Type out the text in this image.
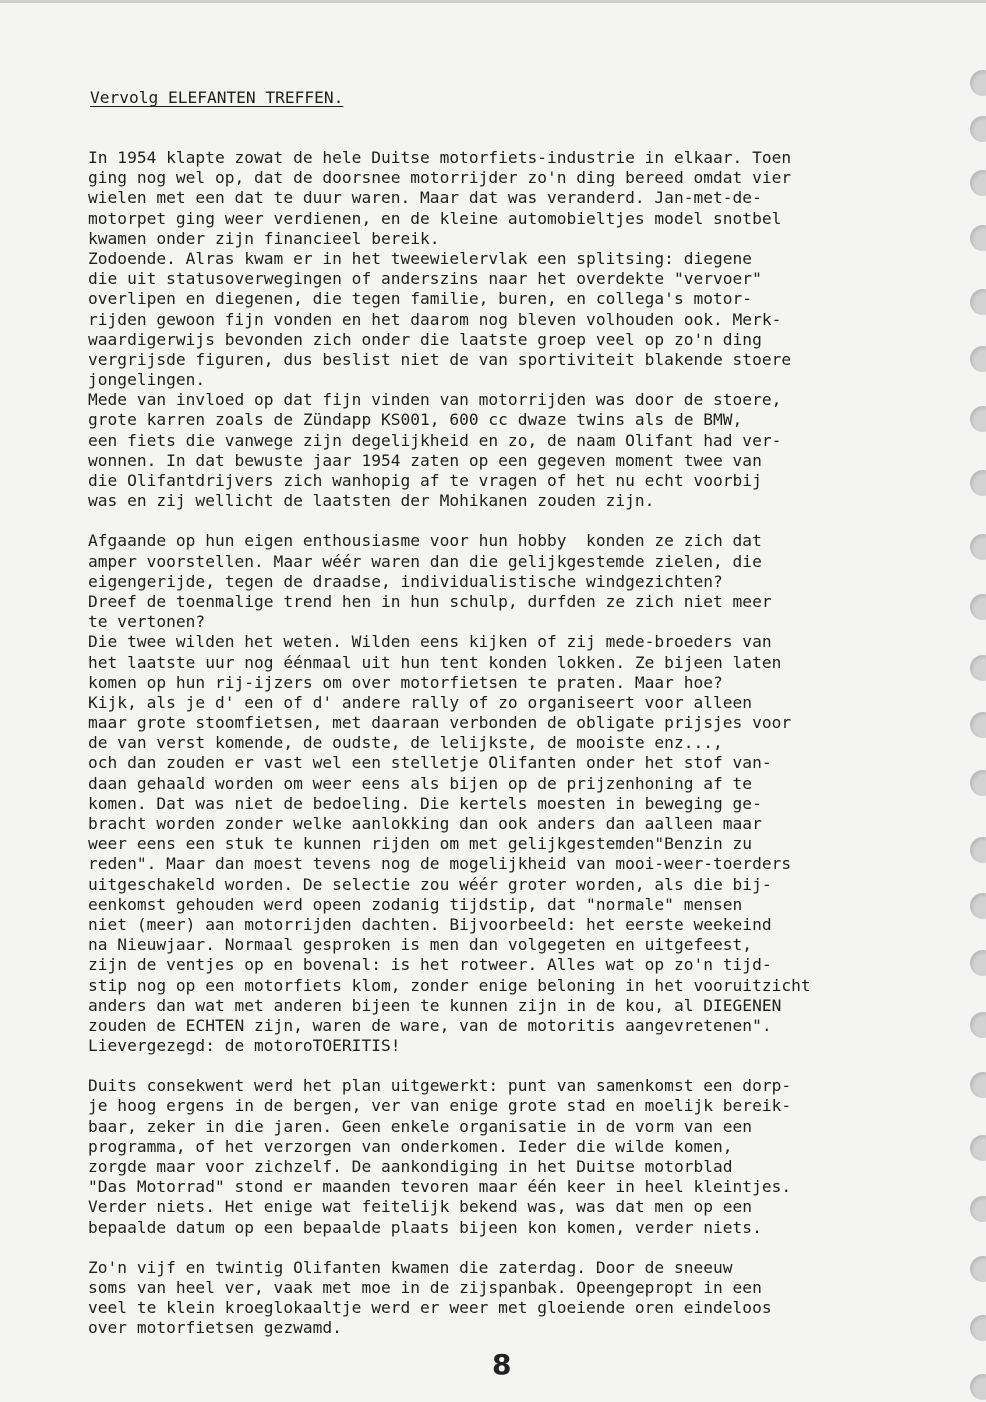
Vervolg ELEFANTEN TREFFEN.
In 1954 klapte zowat de hele Duitse motorfiets-industrie in elkaar. Toen
ging nog wel op, dat de doorsnee motorrijder zo'n ding bereed omdat vier
wielen met een dat te duur waren. Maar dat was veranderd. Jan-met-de-
motorpet ging weer verdienen, en de kleine automobieltjes model snotbel
kwamen onder zijn financieel bereik.
Zodoende. Alras kwam er in het tweewielervlak een splitsing: diegene
die uit statusoverwegingen of anderszins naar het overdekte "vervoer"
overlipen en diegenen, die tegen familie, buren, en collega's motor-
rijden gewoon fijn vonden en het daarom nog bleven volhouden ook. Merk-
waardigerwijs bevonden zich onder die laatste groep veel op zo'n ding
vergrijsde figuren, dus beslist niet de van sportiviteit blakende stoere
jongelingen.
Mede van invloed op dat fijn vinden van motorrijden was door de stoere,
grote karren zoals de Zündapp KS001, 600 cc dwaze twins als de BMW,
een fiets die vanwege zijn degelijkheid en zo, de naam Olifant had ver-
wonnen. In dat bewuste jaar 1954 zaten op een gegeven moment twee van
die Olifantdrijvers zich wanhopig af te vragen of het nu echt voorbij
was en zij wellicht de laatsten der Mohikanen zouden zijn.
Afgaande op hun eigen enthousiasme voor hun hobby  konden ze zich dat
amper voorstellen. Maar wéér waren dan die gelijkgestemde zielen, die
eigengerijde, tegen de draadse, individualistische windgezichten?
Dreef de toenmalige trend hen in hun schulp, durfden ze zich niet meer
te vertonen?
Die twee wilden het weten. Wilden eens kijken of zij mede-broeders van
het laatste uur nog éénmaal uit hun tent konden lokken. Ze bijeen laten
komen op hun rij-ijzers om over motorfietsen te praten. Maar hoe?
Kijk, als je d' een of d' andere rally of zo organiseert voor alleen
maar grote stoomfietsen, met daaraan verbonden de obligate prijsjes voor
de van verst komende, de oudste, de lelijkste, de mooiste enz...,
och dan zouden er vast wel een stelletje Olifanten onder het stof van-
daan gehaald worden om weer eens als bijen op de prijzenhoning af te
komen. Dat was niet de bedoeling. Die kertels moesten in beweging ge-
bracht worden zonder welke aanlokking dan ook anders dan aalleen maar
weer eens een stuk te kunnen rijden om met gelijkgestemden"Benzin zu
reden". Maar dan moest tevens nog de mogelijkheid van mooi-weer-toerders
uitgeschakeld worden. De selectie zou wéér groter worden, als die bij-
eenkomst gehouden werd opeen zodanig tijdstip, dat "normale" mensen
niet (meer) aan motorrijden dachten. Bijvoorbeeld: het eerste weekeind
na Nieuwjaar. Normaal gesproken is men dan volgegeten en uitgefeest,
zijn de ventjes op en bovenal: is het rotweer. Alles wat op zo'n tijd-
stip nog op een motorfiets klom, zonder enige beloning in het vooruitzicht
anders dan wat met anderen bijeen te kunnen zijn in de kou, al DIEGENEN
zouden de ECHTEN zijn, waren de ware, van de motoritis aangevretenen".
Lievergezegd: de motoroTOERITIS!
Duits consekwent werd het plan uitgewerkt: punt van samenkomst een dorp-
je hoog ergens in de bergen, ver van enige grote stad en moelijk bereik-
baar, zeker in die jaren. Geen enkele organisatie in de vorm van een
programma, of het verzorgen van onderkomen. Ieder die wilde komen,
zorgde maar voor zichzelf. De aankondiging in het Duitse motorblad
"Das Motorrad" stond er maanden tevoren maar één keer in heel kleintjes.
Verder niets. Het enige wat feitelijk bekend was, was dat men op een
bepaalde datum op een bepaalde plaats bijeen kon komen, verder niets.
Zo'n vijf en twintig Olifanten kwamen die zaterdag. Door de sneeuw
soms van heel ver, vaak met moe in de zijspanbak. Opeengepropt in een
veel te klein kroeglokaaltje werd er weer met gloeiende oren eindeloos
over motorfietsen gezwamd.
8
